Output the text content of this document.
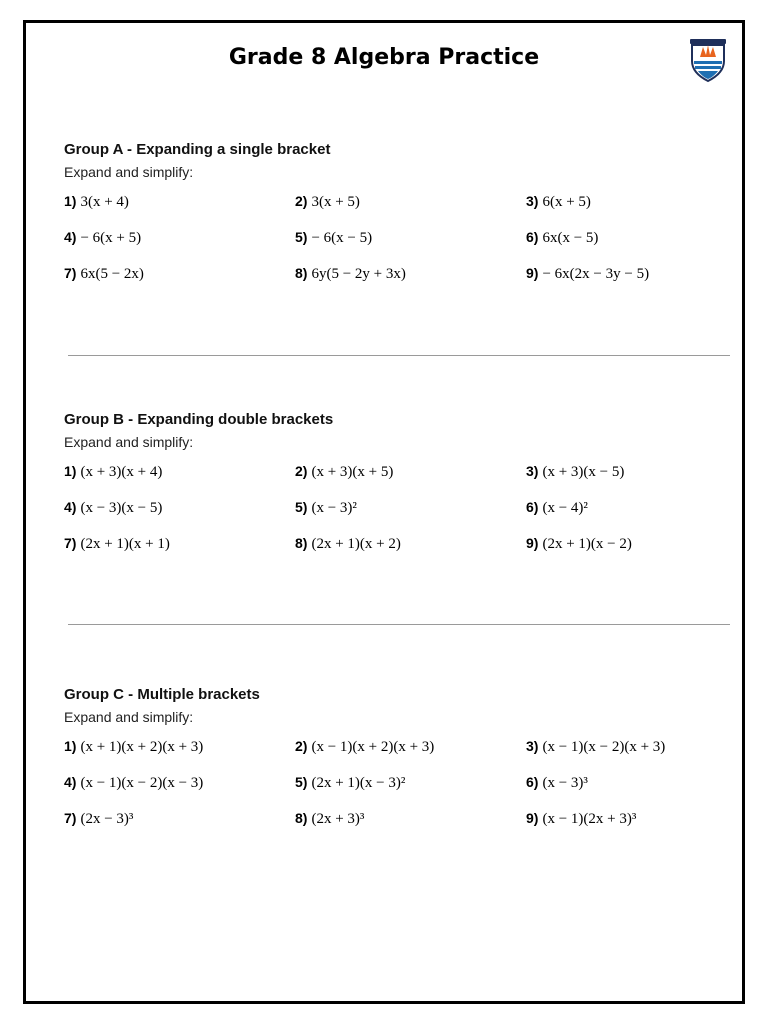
Grade 8 Algebra Practice
Group A - Expanding a single bracket
Expand and simplify:
1) 3(x + 4)	2) 3(x + 5)	3) 6(x + 5)
4) − 6(x + 5)	5) − 6(x − 5)	6) 6x(x − 5)
7) 6x(5 − 2x)	8) 6y(5 − 2y + 3x)	9) − 6x(2x − 3y − 5)
Group B - Expanding double brackets
Expand and simplify:
1) (x + 3)(x + 4)	2) (x + 3)(x + 5)	3) (x + 3)(x − 5)
4) (x − 3)(x − 5)	5) (x − 3)²	6) (x − 4)²
7) (2x + 1)(x + 1)	8) (2x + 1)(x + 2)	9) (2x + 1)(x − 2)
Group C - Multiple brackets
Expand and simplify:
1) (x + 1)(x + 2)(x + 3)	2) (x − 1)(x + 2)(x + 3)	3) (x − 1)(x − 2)(x + 3)
4) (x − 1)(x − 2)(x − 3)	5) (2x + 1)(x − 3)²	6) (x − 3)³
7) (2x − 3)³	8) (2x + 3)³	9) (x − 1)(2x + 3)³
